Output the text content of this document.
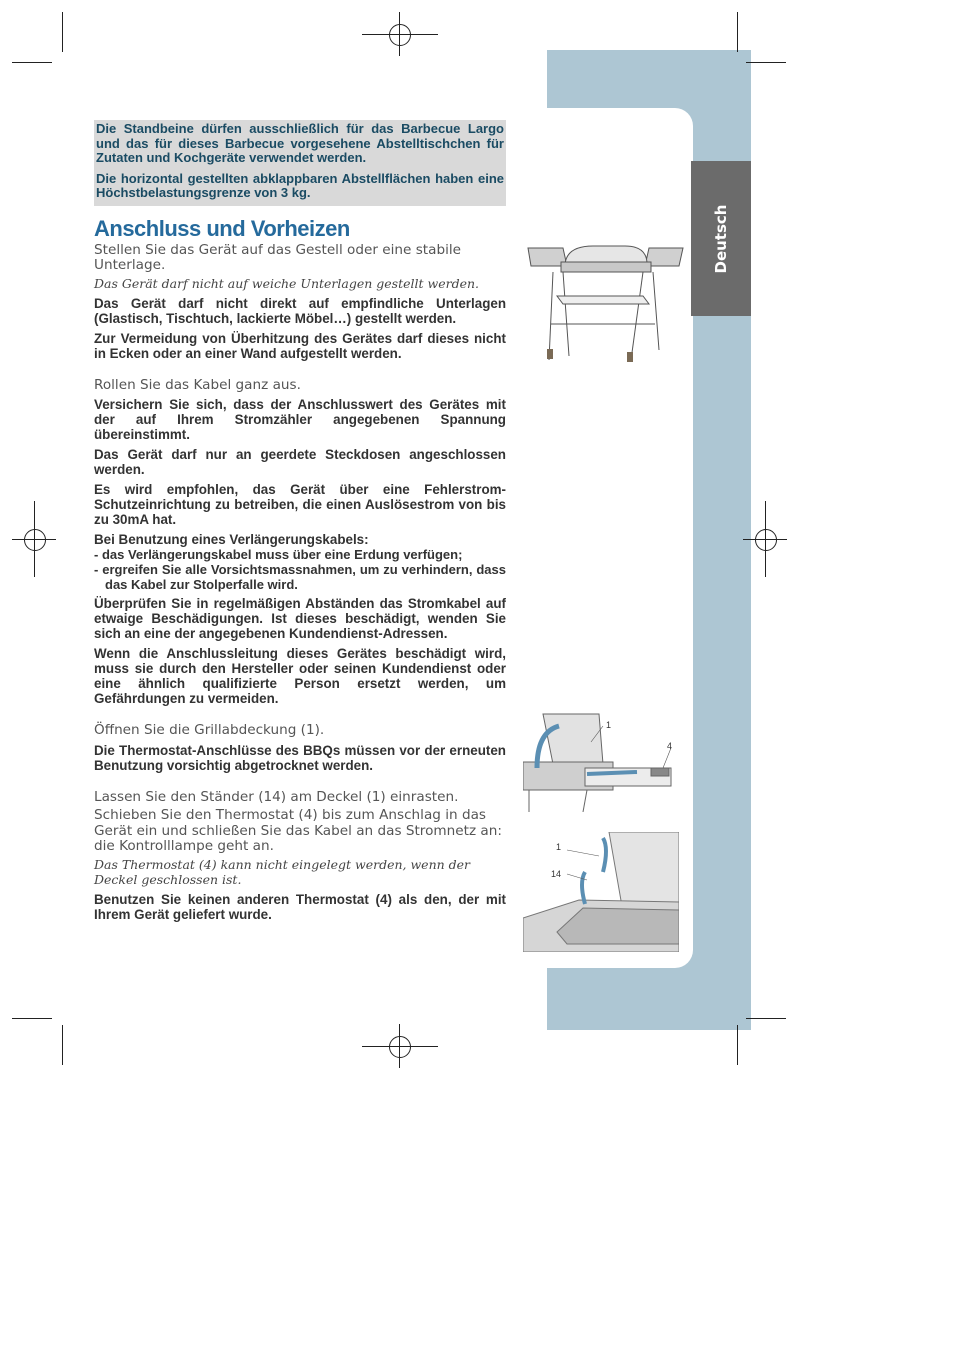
Deutsch

Die Standbeine dürfen ausschließlich für das Barbecue Largo und das für dieses Barbecue vorgesehene Abstelltischchen für Zutaten und Kochgeräte verwendet werden.

Die horizontal gestellten abklappbaren Abstellflächen haben eine Höchstbelastungsgrenze von 3 kg.

Anschluss und Vorheizen

Stellen Sie das Gerät auf das Gestell oder eine stabile Unterlage.

Das Gerät darf nicht auf weiche Unterlagen gestellt werden.

Das Gerät darf nicht direkt auf empfindliche Unterlagen (Glastisch, Tischtuch, lackierte Möbel…) gestellt werden.

Zur Vermeidung von Überhitzung des Gerätes darf dieses nicht in Ecken oder an einer Wand aufgestellt werden.

Rollen Sie das Kabel ganz aus.

Versichern Sie sich, dass der Anschlusswert des Gerätes mit der auf Ihrem Stromzähler angegebenen Spannung übereinstimmt.

Das Gerät darf nur an geerdete Steckdosen angeschlossen werden.

Es wird empfohlen, das Gerät über eine Fehlerstrom-Schutzeinrichtung zu betreiben, die einen Auslösestrom von bis zu 30mA hat.

Bei Benutzung eines Verlängerungskabels:

- das Verlängerungskabel muss über eine Erdung verfügen;
- ergreifen Sie alle Vorsichtsmassnahmen, um zu verhindern, dass das Kabel zur Stolperfalle wird.

Überprüfen Sie in regelmäßigen Abständen das Stromkabel auf etwaige Beschädigungen. Ist dieses beschädigt, wenden Sie sich an eine der angegebenen Kundendienst-Adressen.

Wenn die Anschlussleitung dieses Gerätes beschädigt wird, muss sie durch den Hersteller oder seinen Kundendienst oder eine ähnlich qualifizierte Person ersetzt werden, um Gefährdungen zu vermeiden.

Öffnen Sie die Grillabdeckung (1).

Die Thermostat-Anschlüsse des BBQs müssen vor der erneuten Benutzung vorsichtig abgetrocknet werden.

Lassen Sie den Ständer (14) am Deckel (1) einrasten.

Schieben Sie den Thermostat (4) bis zum Anschlag in das Gerät ein und schließen Sie das Kabel an das Stromnetz an: die Kontrolllampe geht an.

Das Thermostat (4) kann nicht eingelegt werden, wenn der Deckel geschlossen ist.

Benutzen Sie keinen anderen Thermostat (4) als den, der mit Ihrem Gerät geliefert wurde.

1
4
1
14
